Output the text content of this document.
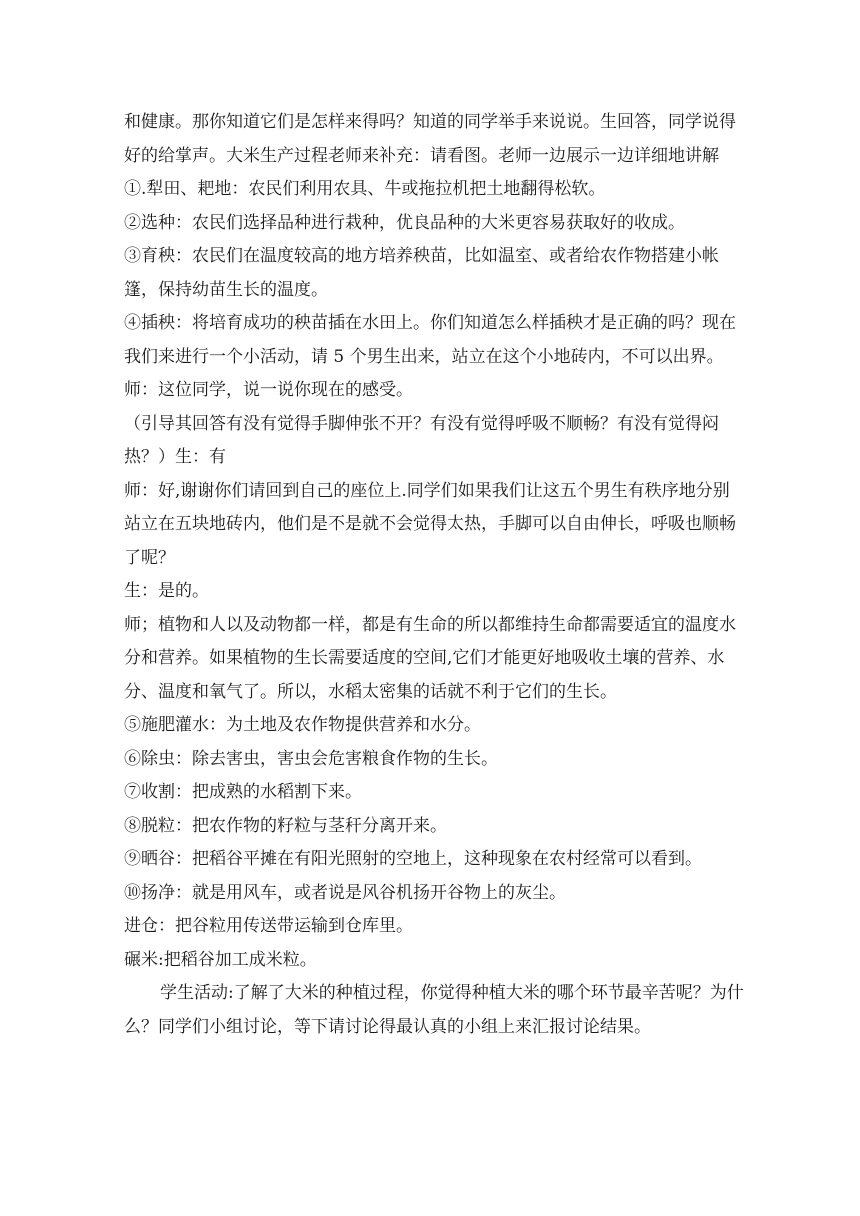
和健康。那你知道它们是怎样来得吗？知道的同学举手来说说。生回答，同学说得好的给掌声。大米生产过程老师来补充：请看图。老师一边展示一边详细地讲解

①.犁田、耙地：农民们利用农具、牛或拖拉机把土地翻得松软。

②选种：农民们选择品种进行栽种，优良品种的大米更容易获取好的收成。

③育秧：农民们在温度较高的地方培养秧苗，比如温室、或者给农作物搭建小帐篷，保持幼苗生长的温度。

④插秧：将培育成功的秧苗插在水田上。你们知道怎么样插秧才是正确的吗？现在我们来进行一个小活动，请 5 个男生出来，站立在这个小地砖内，不可以出界。

师：这位同学，说一说你现在的感受。

（引导其回答有没有觉得手脚伸张不开？有没有觉得呼吸不顺畅？有没有觉得闷热？）生：有

师：好,谢谢你们请回到自己的座位上.同学们如果我们让这五个男生有秩序地分别站立在五块地砖内，他们是不是就不会觉得太热，手脚可以自由伸长，呼吸也顺畅了呢？

生：是的。

师；植物和人以及动物都一样，都是有生命的所以都维持生命都需要适宜的温度水分和营养。如果植物的生长需要适度的空间,它们才能更好地吸收土壤的营养、水分、温度和氧气了。所以，水稻太密集的话就不利于它们的生长。

⑤施肥灌水：为土地及农作物提供营养和水分。

⑥除虫：除去害虫，害虫会危害粮食作物的生长。

⑦收割：把成熟的水稻割下来。

⑧脱粒：把农作物的籽粒与茎秆分离开来。

⑨晒谷：把稻谷平摊在有阳光照射的空地上，这种现象在农村经常可以看到。

⑩扬净：就是用风车，或者说是风谷机扬开谷物上的灰尘。

进仓：把谷粒用传送带运输到仓库里。

碾米:把稻谷加工成米粒。

学生活动:了解了大米的种植过程，你觉得种植大米的哪个环节最辛苦呢？为什么？同学们小组讨论，等下请讨论得最认真的小组上来汇报讨论结果。
